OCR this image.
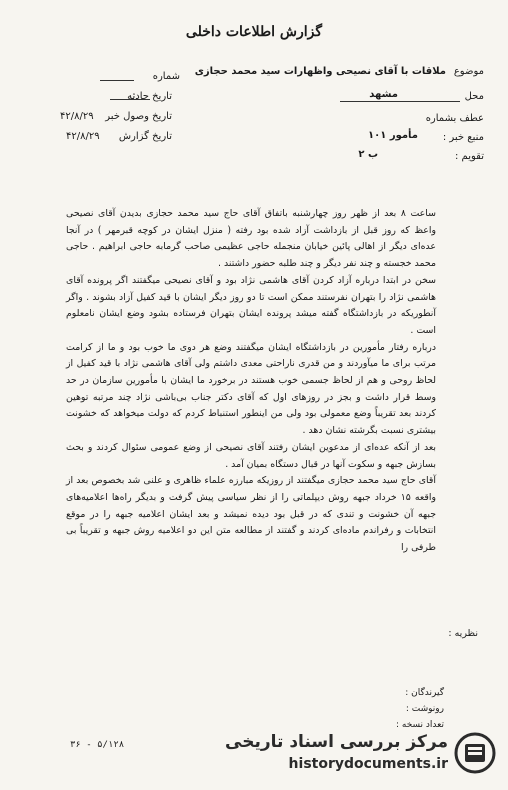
گزارش اطلاعات داخلی
موضوع
ملاقات با آقای نصیحی واظهارات سید محمد حجازی
محل
مشهد
عطف بشماره
منبع خبر :
مأمور ۱۰۱
تقویم :
ب ۲
شماره
تاریخ حادثه
تاریخ وصول خبر
۴۲/۸/۲۹
تاریخ گزارش
۴۲/۸/۲۹

ساعت ۸ بعد از ظهر روز چهارشنبه باتفاق آقای حاج سید محمد حجازی بدیدن آقای نصیحی واعظ که روز قبل از بازداشت آزاد شده بود رفته ( منزل ایشان در کوچه قبرمهر ) در آنجا عده‌ای دیگر از اهالی پائین خیابان منجمله حاجی عظیمی صاحب گرمابه حاجی ابراهیم . حاجی محمد خجسته و چند نفر دیگر و چند طلبه حضور داشتند .

سخن در ابتدا درباره آزاد کردن آقای هاشمی نژاد بود و آقای نصیحی میگفتند اگر پرونده آقای هاشمی نژاد را بتهران نفرستند ممکن است تا دو روز دیگر ایشان با قید کفیل آزاد بشوند . واگر آنطوریکه در بازداشتگاه گفته میشد پرونده ایشان بتهران فرستاده بشود وضع ایشان نامعلوم است .

درباره رفتار مأمورین در بازداشتگاه ایشان میگفتند وضع هر دوی ما خوب بود و ما از کرامت مرتب برای ما میآوردند و من قدری ناراحتی معدی داشتم ولی آقای هاشمی نژاد با قید کفیل از لحاظ روحی و هم از لحاظ جسمی خوب هستند در برخورد ما ایشان با مأمورین سازمان در حد وسط قرار داشت و بجز در روزهای اول که آقای دکتر جناب بی‌باشی نژاد چند مرتبه توهین کردند بعد تقریباً وضع معمولی بود ولی من اینطور استنباط کردم که دولت میخواهد که خشونت بیشتری نسبت بگرشته نشان دهد .

بعد از آنکه عده‌ای از مدعوین ایشان رفتند آقای نصیحی از وضع عمومی سئوال کردند و بحث بسازش جبهه و سکوت آنها در قبال دستگاه بمیان آمد .

آقای حاج سید محمد حجازی میگفتند از روزیکه مبارزه علماء ظاهری و علنی شد بخصوص بعد از واقعه ۱۵ خرداد جبهه روش دیپلماتی را از نظر سیاسی پیش گرفت و بدیگر راه‌ها اعلامیه‌های جبهه آن خشونت و تندی که در قبل بود دیده نمیشد و بعد ایشان اعلامیه جبهه را در موقع انتخابات و رفراندم ماده‌ای کردند و گفتند از مطالعه متن این دو اعلامیه روش جبهه و تقریباً بی طرفی را

نظریه :
گیرندگان :
رونوشت :
تعداد نسخه :
۳۶ - ۵/۱۲۸	مرکز بررسی اسناد تاریخی
historydocuments.ir
